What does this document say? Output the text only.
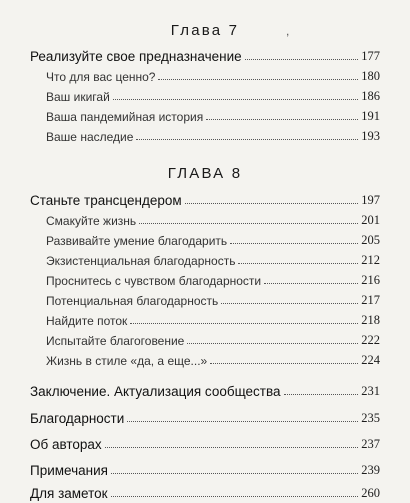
Глава 7	,
Реализуйте свое предназначение	177
Что для вас ценно?	180
Ваш икигай	186
Ваша пандемийная история	191
Ваше наследие	193
ГЛАВА 8
Станьте трансцендером	197
Смакуйте жизнь	201
Развивайте умение благодарить	205
Экзистенциальная благодарность	212
Проснитесь с чувством благодарности	216
Потенциальная благодарность	217
Найдите поток	218
Испытайте благоговение	222
Жизнь в стиле «да, а еще...»	224
Заключение. Актуализация сообщества	231
Благодарности	235
Об авторах	237
Примечания	239
Для заметок	260
